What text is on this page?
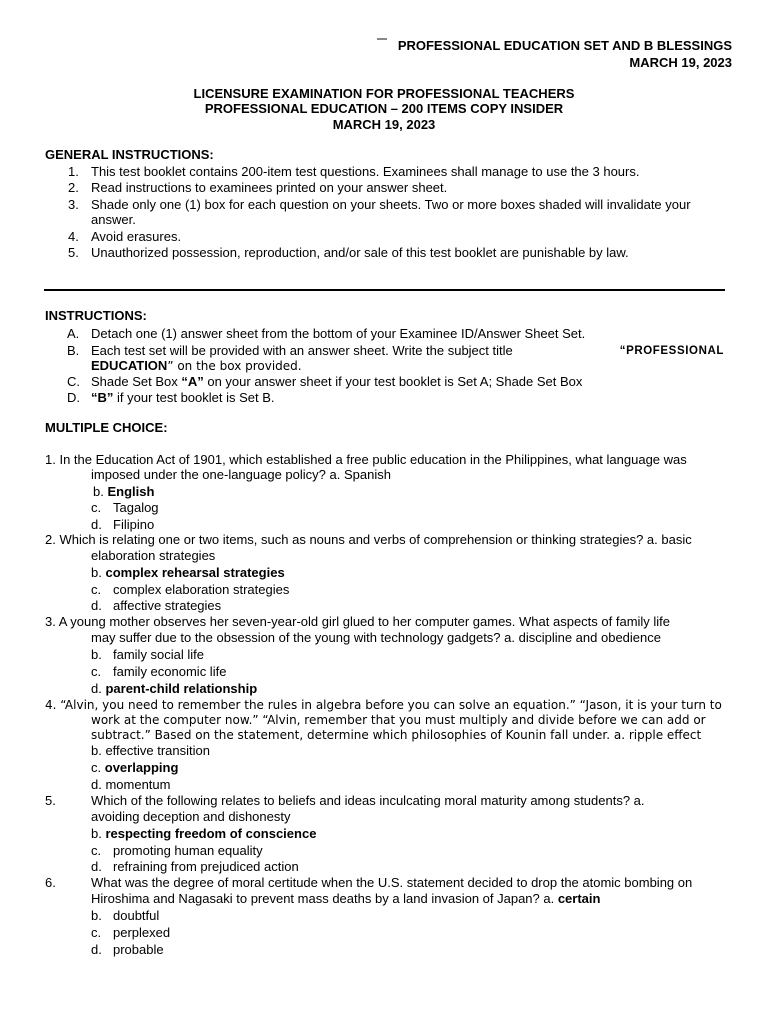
PROFESSIONAL EDUCATION SET AND B BLESSINGS
MARCH 19, 2023
LICENSURE EXAMINATION FOR PROFESSIONAL TEACHERS
PROFESSIONAL EDUCATION – 200 ITEMS COPY INSIDER
MARCH 19, 2023
GENERAL INSTRUCTIONS:
1. This test booklet contains 200-item test questions. Examinees shall manage to use the 3 hours.
2. Read instructions to examinees printed on your answer sheet.
3. Shade only one (1) box for each question on your sheets. Two or more boxes shaded will invalidate your
answer.
4. Avoid erasures.
5. Unauthorized possession, reproduction, and/or sale of this test booklet are punishable by law.
INSTRUCTIONS:
A. Detach one (1) answer sheet from the bottom of your Examinee ID/Answer Sheet Set.
B. Each test set will be provided with an answer sheet. Write the subject title	“PROFESSIONAL
EDUCATION” on the box provided.
C. Shade Set Box “A” on your answer sheet if your test booklet is Set A; Shade Set Box
D. “B” if your test booklet is Set B.
MULTIPLE CHOICE:
1. In the Education Act of 1901, which established a free public education in the Philippines, what language was
imposed under the one-language policy? a. Spanish
b. English
c. Tagalog
d. Filipino
2. Which is relating one or two items, such as nouns and verbs of comprehension or thinking strategies? a. basic
elaboration strategies
b. complex rehearsal strategies
c. complex elaboration strategies
d. affective strategies
3. A young mother observes her seven-year-old girl glued to her computer games. What aspects of family life
may suffer due to the obsession of the young with technology gadgets? a. discipline and obedience
b. family social life
c. family economic life
d. parent-child relationship
4. “Alvin, you need to remember the rules in algebra before you can solve an equation.” “Jason, it is your turn to
work at the computer now.” “Alvin, remember that you must multiply and divide before we can add or
subtract.” Based on the statement, determine which philosophies of Kounin fall under. a. ripple effect
b. effective transition
c. overlapping
d. momentum
5.	Which of the following relates to beliefs and ideas inculcating moral maturity among students? a.
avoiding deception and dishonesty
b. respecting freedom of conscience
c. promoting human equality
d. refraining from prejudiced action
6.	What was the degree of moral certitude when the U.S. statement decided to drop the atomic bombing on
Hiroshima and Nagasaki to prevent mass deaths by a land invasion of Japan? a. certain
b. doubtful
c. perplexed
d. probable
